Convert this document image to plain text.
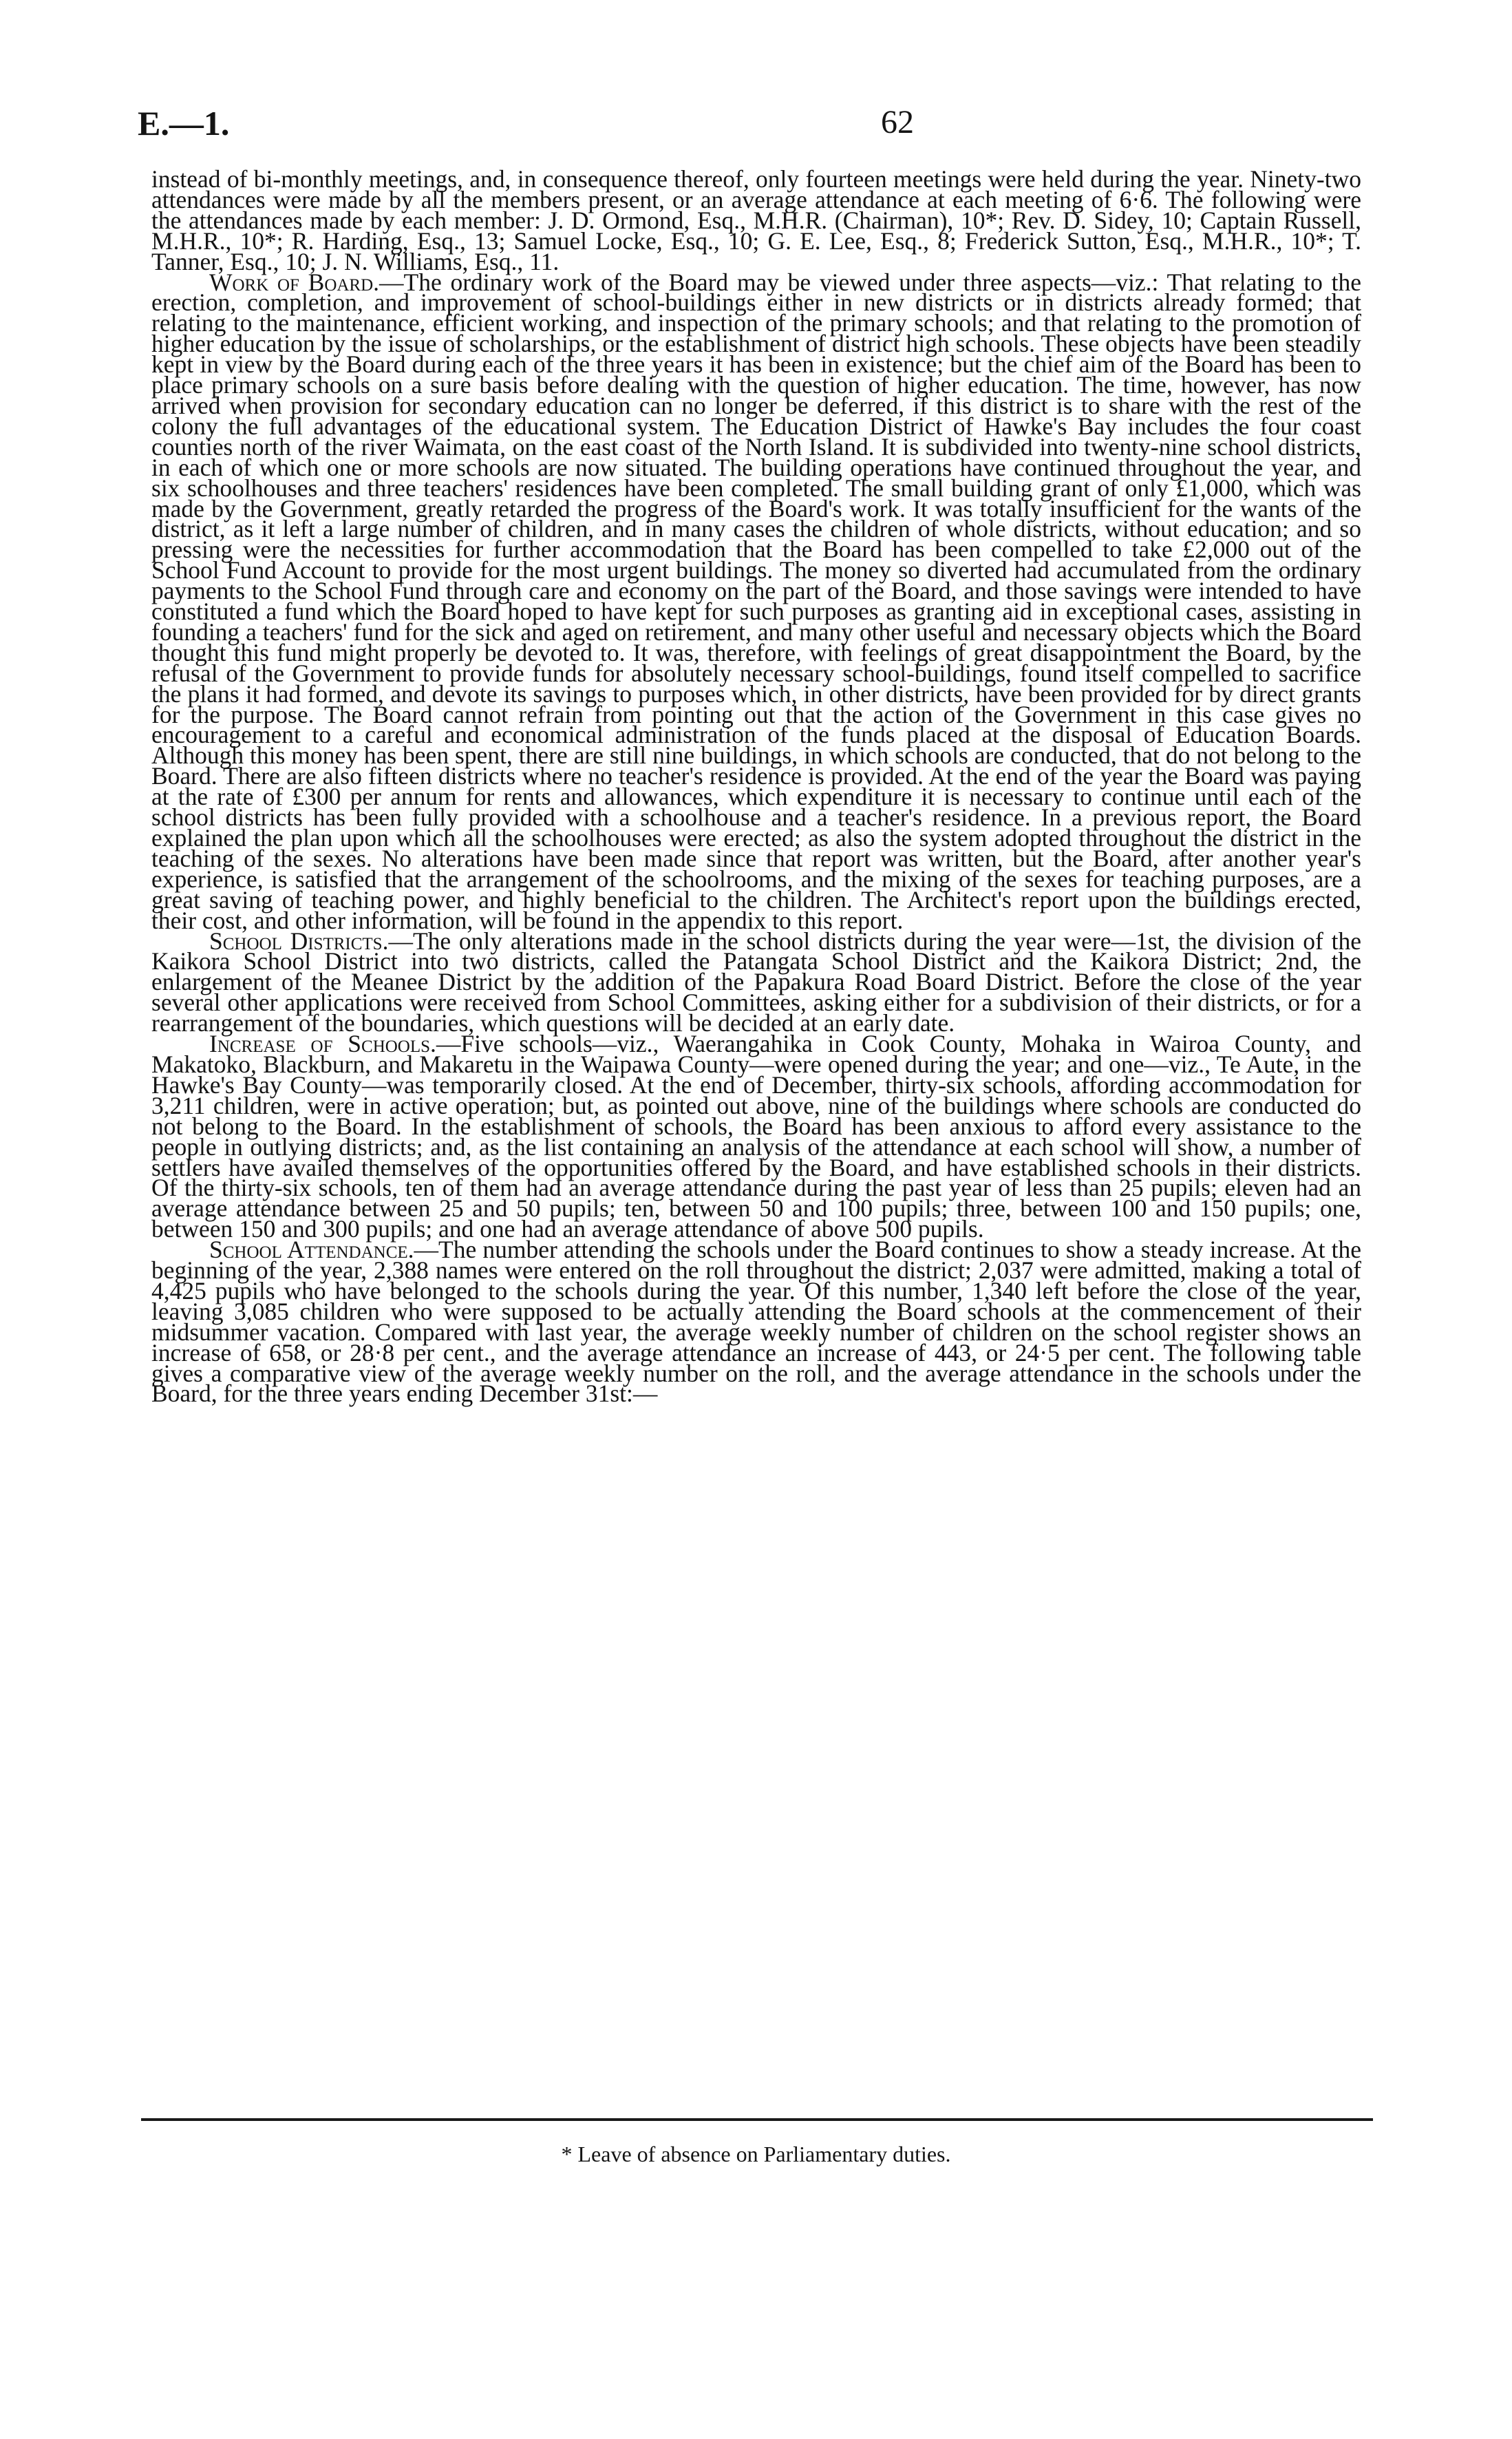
E.—1.	62

instead of bi-monthly meetings, and, in consequence thereof, only fourteen meetings were held during the year. Ninety-two attendances were made by all the members present, or an average attendance at each meeting of 6·6. The following were the attendances made by each member: J. D. Ormond, Esq., M.H.R. (Chairman), 10*; Rev. D. Sidey, 10; Captain Russell, M.H.R., 10*; R. Harding, Esq., 13; Samuel Locke, Esq., 10; G. E. Lee, Esq., 8; Frederick Sutton, Esq., M.H.R., 10*; T. Tanner, Esq., 10; J. N. Williams, Esq., 11.

Work of Board.—The ordinary work of the Board may be viewed under three aspects—viz.: That relating to the erection, completion, and improvement of school-buildings either in new districts or in districts already formed; that relating to the maintenance, efficient working, and inspection of the primary schools; and that relating to the promotion of higher education by the issue of scholarships, or the establishment of district high schools. These objects have been steadily kept in view by the Board during each of the three years it has been in existence; but the chief aim of the Board has been to place primary schools on a sure basis before dealing with the question of higher education. The time, however, has now arrived when provision for secondary education can no longer be deferred, if this district is to share with the rest of the colony the full advantages of the educational system. The Education District of Hawke's Bay includes the four coast counties north of the river Waimata, on the east coast of the North Island. It is subdivided into twenty-nine school districts, in each of which one or more schools are now situated. The building operations have continued throughout the year, and six schoolhouses and three teachers' residences have been completed. The small building grant of only £1,000, which was made by the Government, greatly retarded the progress of the Board's work. It was totally insufficient for the wants of the district, as it left a large number of children, and in many cases the children of whole districts, without education; and so pressing were the necessities for further accommodation that the Board has been compelled to take £2,000 out of the School Fund Account to provide for the most urgent buildings. The money so diverted had accumulated from the ordinary payments to the School Fund through care and economy on the part of the Board, and those savings were intended to have constituted a fund which the Board hoped to have kept for such purposes as granting aid in exceptional cases, assisting in founding a teachers' fund for the sick and aged on retirement, and many other useful and necessary objects which the Board thought this fund might properly be devoted to. It was, therefore, with feelings of great disappointment the Board, by the refusal of the Government to provide funds for absolutely necessary school-buildings, found itself compelled to sacrifice the plans it had formed, and devote its savings to purposes which, in other districts, have been provided for by direct grants for the purpose. The Board cannot refrain from pointing out that the action of the Government in this case gives no encouragement to a careful and economical administration of the funds placed at the disposal of Education Boards. Although this money has been spent, there are still nine buildings, in which schools are conducted, that do not belong to the Board. There are also fifteen districts where no teacher's residence is provided. At the end of the year the Board was paying at the rate of £300 per annum for rents and allowances, which expenditure it is necessary to continue until each of the school districts has been fully provided with a schoolhouse and a teacher's residence. In a previous report, the Board explained the plan upon which all the schoolhouses were erected; as also the system adopted throughout the district in the teaching of the sexes. No alterations have been made since that report was written, but the Board, after another year's experience, is satisfied that the arrangement of the schoolrooms, and the mixing of the sexes for teaching purposes, are a great saving of teaching power, and highly beneficial to the children. The Architect's report upon the buildings erected, their cost, and other information, will be found in the appendix to this report.

School Districts.—The only alterations made in the school districts during the year were—1st, the division of the Kaikora School District into two districts, called the Patangata School District and the Kaikora District; 2nd, the enlargement of the Meanee District by the addition of the Papakura Road Board District. Before the close of the year several other applications were received from School Committees, asking either for a subdivision of their districts, or for a rearrangement of the boundaries, which questions will be decided at an early date.

Increase of Schools.—Five schools—viz., Waerangahika in Cook County, Mohaka in Wairoa County, and Makatoko, Blackburn, and Makaretu in the Waipawa County—were opened during the year; and one—viz., Te Aute, in the Hawke's Bay County—was temporarily closed. At the end of December, thirty-six schools, affording accommodation for 3,211 children, were in active operation; but, as pointed out above, nine of the buildings where schools are conducted do not belong to the Board. In the establishment of schools, the Board has been anxious to afford every assistance to the people in outlying districts; and, as the list containing an analysis of the attendance at each school will show, a number of settlers have availed themselves of the opportunities offered by the Board, and have established schools in their districts. Of the thirty-six schools, ten of them had an average attendance during the past year of less than 25 pupils; eleven had an average attendance between 25 and 50 pupils; ten, between 50 and 100 pupils; three, between 100 and 150 pupils; one, between 150 and 300 pupils; and one had an average attendance of above 500 pupils.

School Attendance.—The number attending the schools under the Board continues to show a steady increase. At the beginning of the year, 2,388 names were entered on the roll throughout the district; 2,037 were admitted, making a total of 4,425 pupils who have belonged to the schools during the year. Of this number, 1,340 left before the close of the year, leaving 3,085 children who were supposed to be actually attending the Board schools at the commencement of their midsummer vacation. Compared with last year, the average weekly number of children on the school register shows an increase of 658, or 28·8 per cent., and the average attendance an increase of 443, or 24·5 per cent. The following table gives a comparative view of the average weekly number on the roll, and the average attendance in the schools under the Board, for the three years ending December 31st:—

* Leave of absence on Parliamentary duties.
